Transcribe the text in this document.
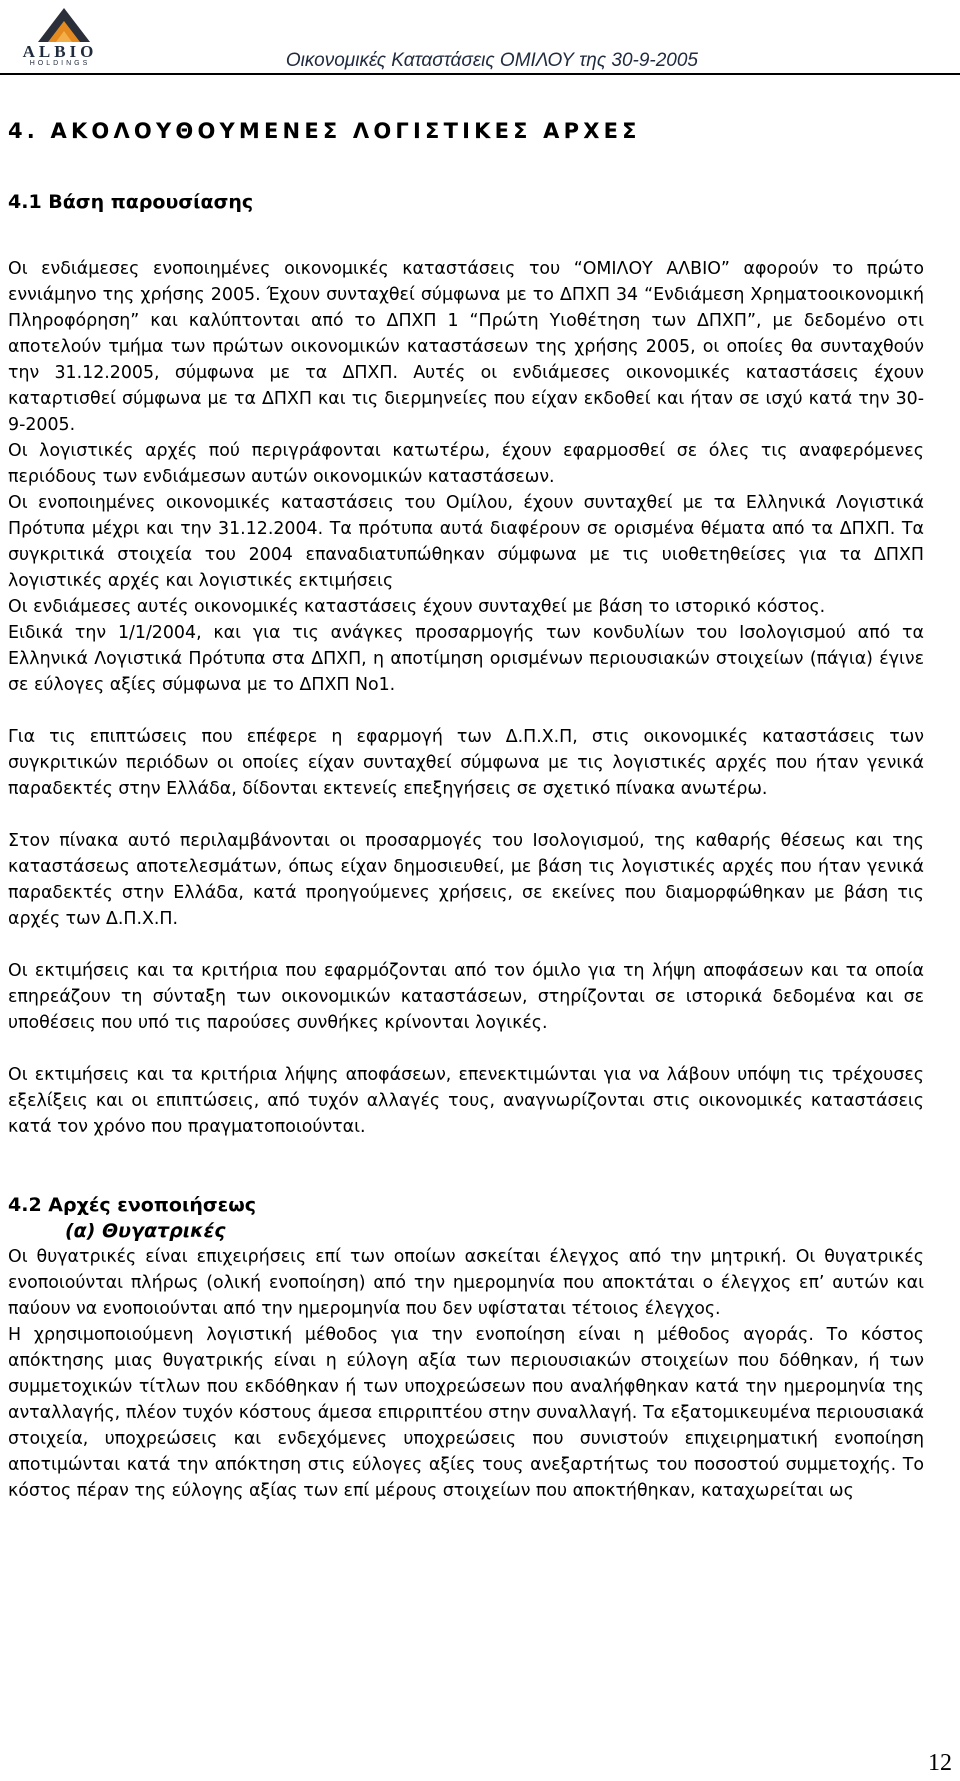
ALBIO
HOLDINGS	Οικονομικές Καταστάσεις ΟΜΙΛΟΥ της 30-9-2005
4. ΑΚΟΛΟΥΘΟΥΜΕΝΕΣ ΛΟΓΙΣΤΙΚΕΣ ΑΡΧΕΣ
4.1 Βάση παρουσίασης

Οι ενδιάμεσες ενοποιημένες οικονομικές καταστάσεις του “ΟΜΙΛΟΥ ΑΛΒΙΟ” αφορούν το πρώτο εννιάμηνο της χρήσης 2005. Έχουν συνταχθεί σύμφωνα με το ΔΠΧΠ 34 “Ενδιάμεση Χρηματοοικονομική Πληροφόρηση” και καλύπτονται από το ΔΠΧΠ 1 “Πρώτη Υιοθέτηση των ΔΠΧΠ”, με δεδομένο οτι αποτελούν τμήμα των πρώτων οικονομικών καταστάσεων της χρήσης 2005, οι οποίες θα συνταχθούν την 31.12.2005, σύμφωνα με τα ΔΠΧΠ. Αυτές οι ενδιάμεσες οικονομικές καταστάσεις έχουν καταρτισθεί σύμφωνα με τα ΔΠΧΠ και τις διερμηνείες που είχαν εκδοθεί και ήταν σε ισχύ κατά την 30-9-2005.

Οι λογιστικές αρχές πού περιγράφονται κατωτέρω, έχουν εφαρμοσθεί σε όλες τις αναφερόμενες περιόδους των ενδιάμεσων αυτών οικονομικών καταστάσεων.

Οι ενοποιημένες οικονομικές καταστάσεις του Ομίλου, έχουν συνταχθεί με τα Ελληνικά Λογιστικά Πρότυπα μέχρι και την 31.12.2004. Τα πρότυπα αυτά διαφέρουν σε ορισμένα θέματα από τα ΔΠΧΠ. Τα συγκριτικά στοιχεία του 2004 επαναδιατυπώθηκαν σύμφωνα με τις υιοθετηθείσες για τα ΔΠΧΠ λογιστικές αρχές και λογιστικές εκτιμήσεις

Οι ενδιάμεσες αυτές οικονομικές καταστάσεις έχουν συνταχθεί με βάση το ιστορικό κόστος.

Ειδικά την 1/1/2004, και για τις ανάγκες προσαρμογής των κονδυλίων του Ισολογισμού από τα Ελληνικά Λογιστικά Πρότυπα στα ΔΠΧΠ, η αποτίμηση ορισμένων περιουσιακών στοιχείων (πάγια) έγινε σε εύλογες αξίες σύμφωνα με το ΔΠΧΠ Νο1.

Για τις επιπτώσεις που επέφερε η εφαρμογή των Δ.Π.Χ.Π, στις οικονομικές καταστάσεις των συγκριτικών περιόδων οι οποίες είχαν συνταχθεί σύμφωνα με τις λογιστικές αρχές που ήταν γενικά παραδεκτές στην Ελλάδα, δίδονται εκτενείς επεξηγήσεις σε σχετικό πίνακα ανωτέρω.

Στον πίνακα αυτό περιλαμβάνονται οι προσαρμογές του Ισολογισμού, της καθαρής θέσεως και της καταστάσεως αποτελεσμάτων, όπως είχαν δημοσιευθεί, με βάση τις λογιστικές αρχές που ήταν γενικά παραδεκτές στην Ελλάδα, κατά προηγούμενες χρήσεις, σε εκείνες που διαμορφώθηκαν με βάση τις αρχές των Δ.Π.Χ.Π.

Οι εκτιμήσεις και τα κριτήρια που εφαρμόζονται από τον όμιλο για τη λήψη αποφάσεων και τα οποία επηρεάζουν τη σύνταξη των οικονομικών καταστάσεων, στηρίζονται σε ιστορικά δεδομένα και σε υποθέσεις που υπό τις παρούσες συνθήκες κρίνονται λογικές.

Οι εκτιμήσεις και τα κριτήρια λήψης αποφάσεων, επενεκτιμώνται για να λάβουν υπόψη τις τρέχουσες εξελίξεις και οι επιπτώσεις, από τυχόν αλλαγές τους, αναγνωρίζονται στις οικονομικές καταστάσεις κατά τον χρόνο που πραγματοποιούνται.

4.2 Αρχές ενοποιήσεως
(α) Θυγατρικές

Οι θυγατρικές είναι επιχειρήσεις επί των οποίων ασκείται έλεγχος από την μητρική. Οι θυγατρικές ενοποιούνται πλήρως (ολική ενοποίηση) από την ημερομηνία που αποκτάται ο έλεγχος επ’ αυτών και παύουν να ενοποιούνται από την ημερομηνία που δεν υφίσταται τέτοιος έλεγχος.

Η χρησιμοποιούμενη λογιστική μέθοδος για την ενοποίηση είναι η μέθοδος αγοράς. Το κόστος απόκτησης μιας θυγατρικής είναι η εύλογη αξία των περιουσιακών στοιχείων που δόθηκαν, ή των συμμετοχικών τίτλων που εκδόθηκαν ή των υποχρεώσεων που αναλήφθηκαν κατά την ημερομηνία της ανταλλαγής, πλέον τυχόν κόστους άμεσα επιρριπτέου στην συναλλαγή. Τα εξατομικευμένα περιουσιακά στοιχεία, υποχρεώσεις και ενδεχόμενες υποχρεώσεις που συνιστούν επιχειρηματική ενοποίηση αποτιμώνται κατά την απόκτηση στις εύλογες αξίες τους ανεξαρτήτως του ποσοστού συμμετοχής. Το κόστος πέραν της εύλογης αξίας των επί μέρους στοιχείων που αποκτήθηκαν, καταχωρείται ως

12
